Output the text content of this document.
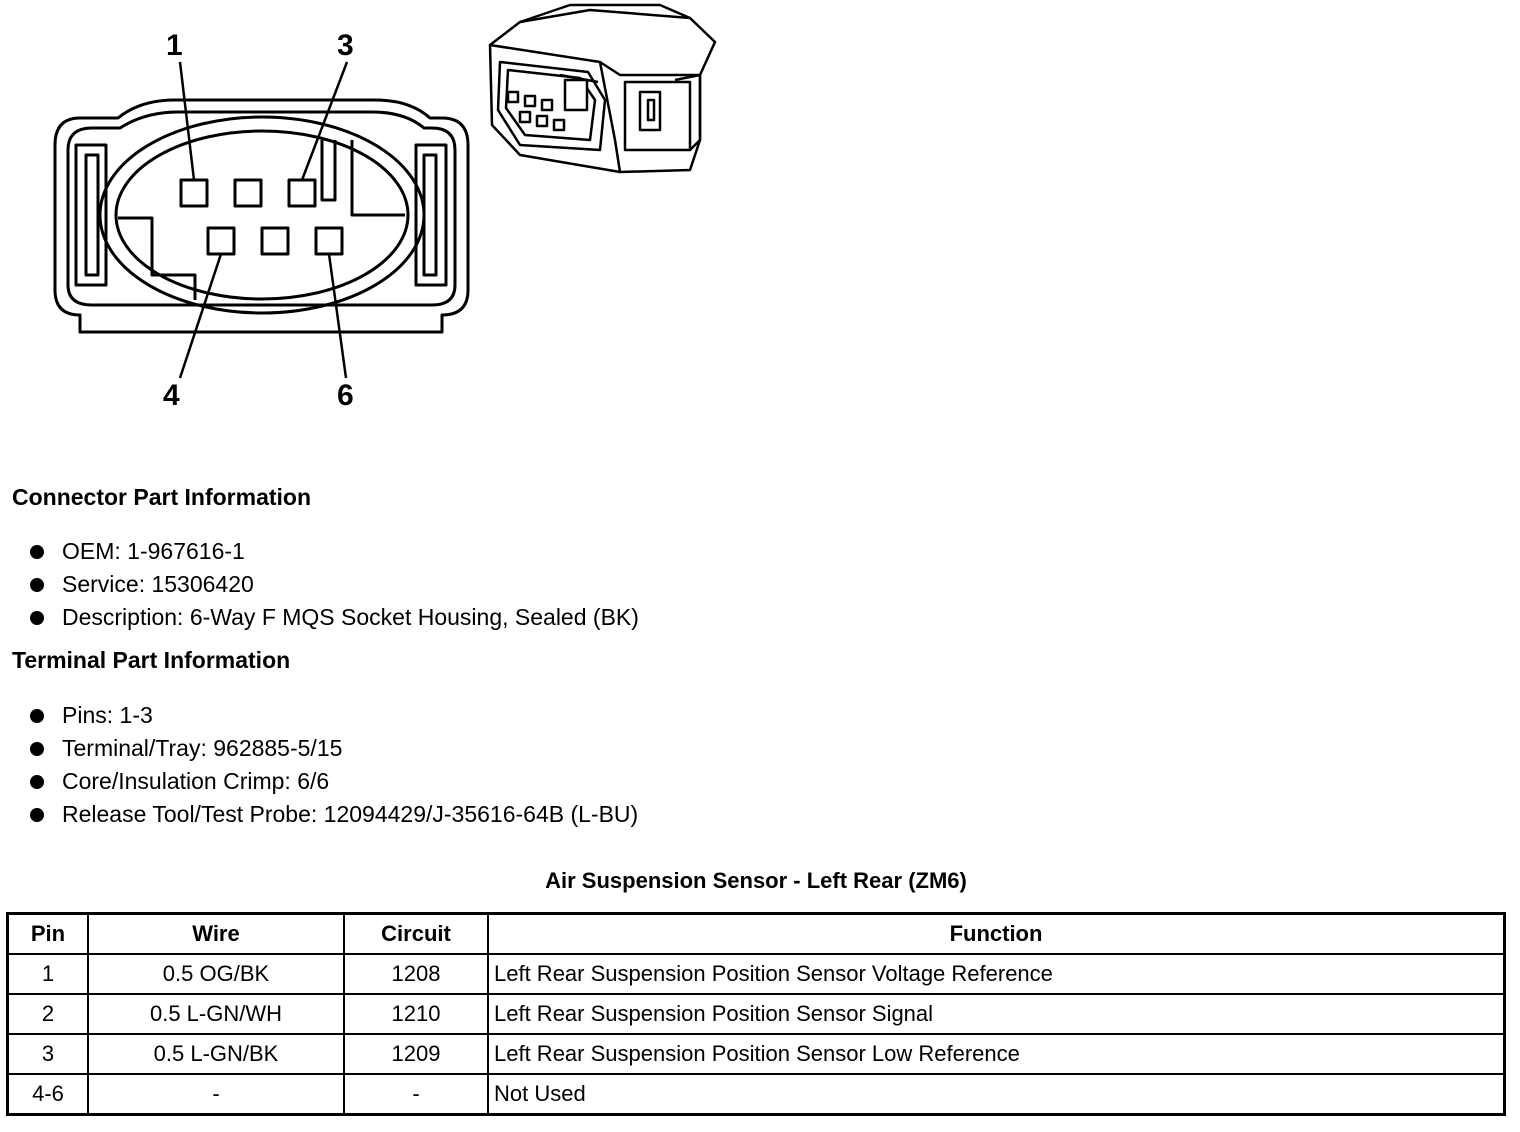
1	3
4	6
Connector Part Information
OEM: 1-967616-1
Service: 15306420
Description: 6-Way F MQS Socket Housing, Sealed (BK)
Terminal Part Information
Pins: 1-3
Terminal/Tray: 962885-5/15
Core/Insulation Crimp: 6/6
Release Tool/Test Probe: 12094429/J-35616-64B (L-BU)
Air Suspension Sensor - Left Rear (ZM6)
Pin	Wire	Circuit	Function
1	0.5 OG/BK	1208	Left Rear Suspension Position Sensor Voltage Reference
2	0.5 L-GN/WH	1210	Left Rear Suspension Position Sensor Signal
3	0.5 L-GN/BK	1209	Left Rear Suspension Position Sensor Low Reference
4-6	-	-	Not Used
